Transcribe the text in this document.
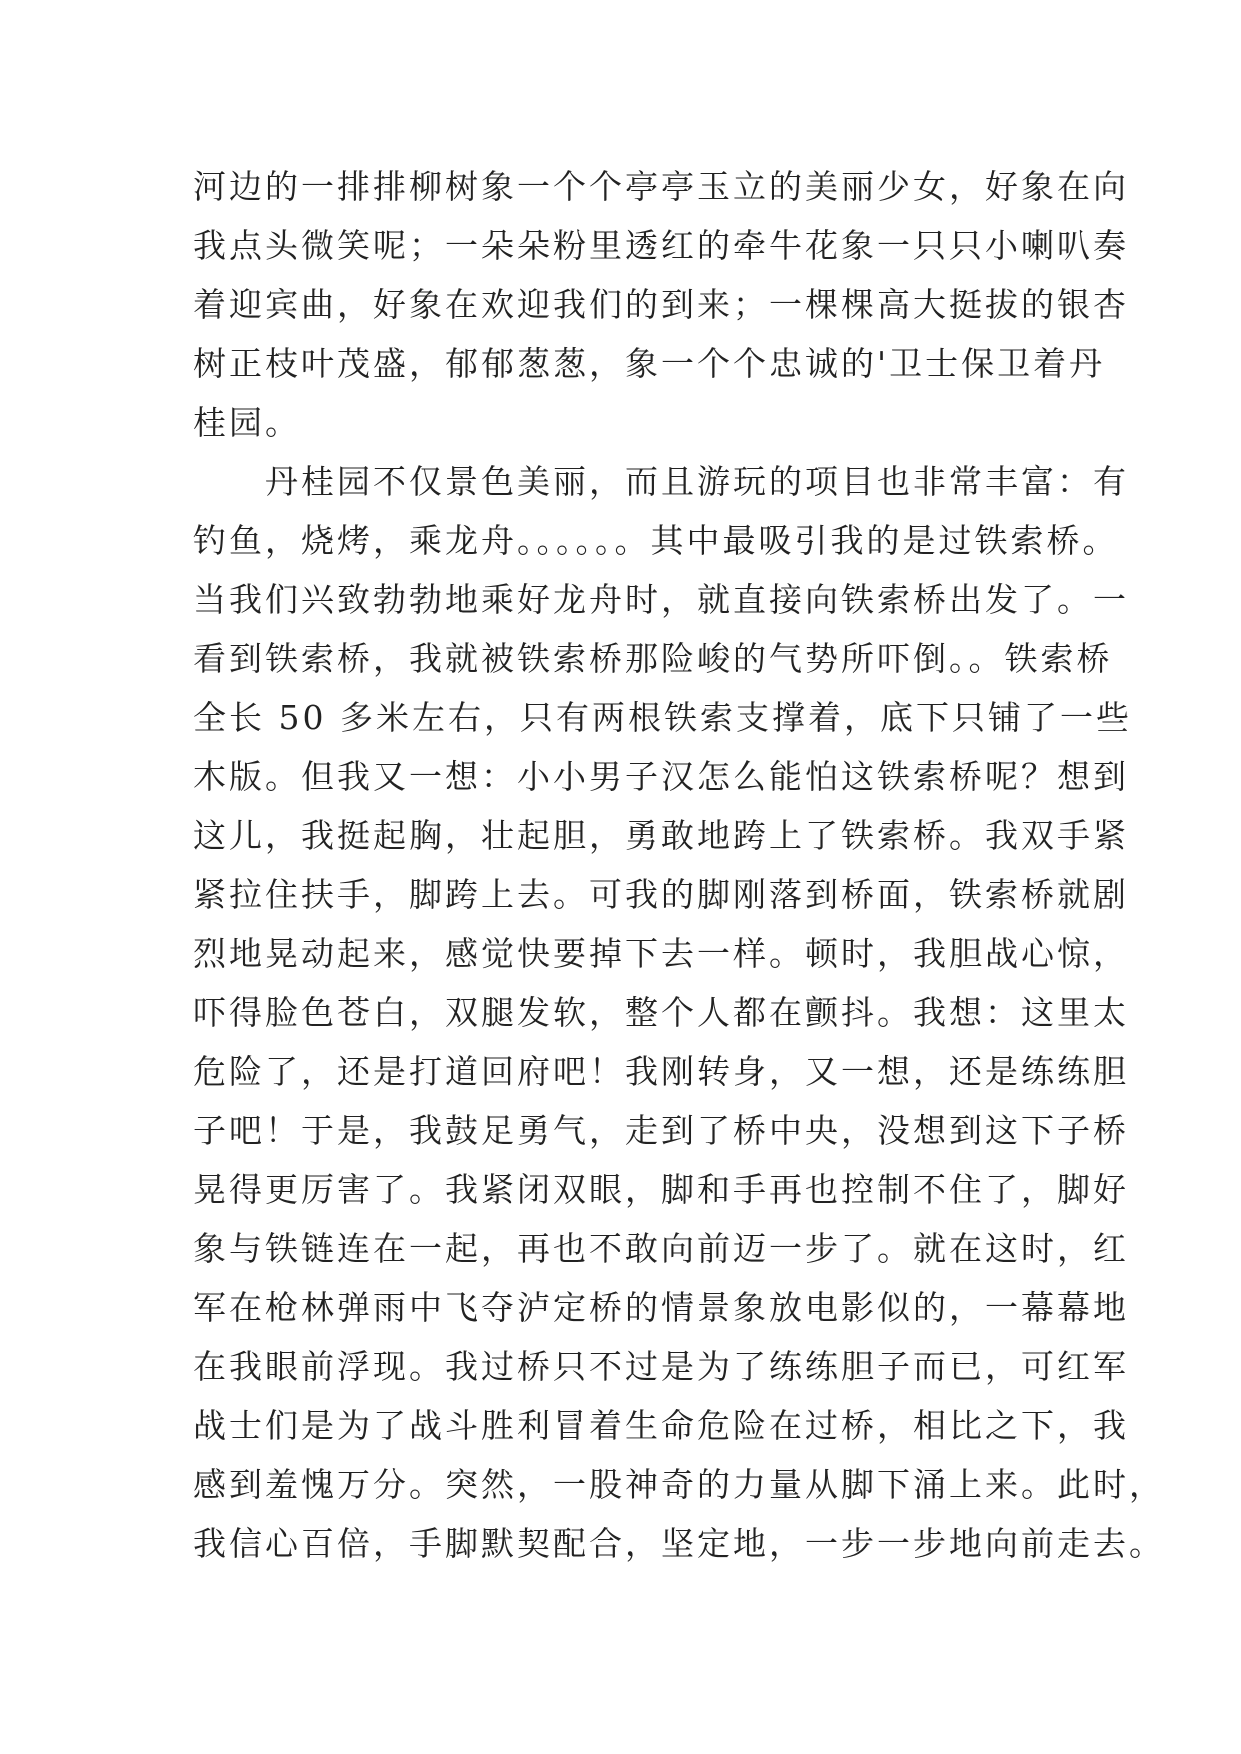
河边的一排排柳树象一个个亭亭玉立的美丽少女，好象在向
我点头微笑呢；一朵朵粉里透红的牵牛花象一只只小喇叭奏
着迎宾曲，好象在欢迎我们的到来；一棵棵高大挺拔的银杏
树正枝叶茂盛，郁郁葱葱，象一个个忠诚的'卫士保卫着丹
桂园。
　　丹桂园不仅景色美丽，而且游玩的项目也非常丰富：有
钓鱼，烧烤，乘龙舟。。。。。。其中最吸引我的是过铁索桥。
当我们兴致勃勃地乘好龙舟时，就直接向铁索桥出发了。一
看到铁索桥，我就被铁索桥那险峻的气势所吓倒。。铁索桥
全长 50 多米左右，只有两根铁索支撑着，底下只铺了一些
木版。但我又一想：小小男子汉怎么能怕这铁索桥呢？想到
这儿，我挺起胸，壮起胆，勇敢地跨上了铁索桥。我双手紧
紧拉住扶手，脚跨上去。可我的脚刚落到桥面，铁索桥就剧
烈地晃动起来，感觉快要掉下去一样。顿时，我胆战心惊，
吓得脸色苍白，双腿发软，整个人都在颤抖。我想：这里太
危险了，还是打道回府吧！我刚转身，又一想，还是练练胆
子吧！于是，我鼓足勇气，走到了桥中央，没想到这下子桥
晃得更厉害了。我紧闭双眼，脚和手再也控制不住了，脚好
象与铁链连在一起，再也不敢向前迈一步了。就在这时，红
军在枪林弹雨中飞夺泸定桥的情景象放电影似的，一幕幕地
在我眼前浮现。我过桥只不过是为了练练胆子而已，可红军
战士们是为了战斗胜利冒着生命危险在过桥，相比之下，我
感到羞愧万分。突然，一股神奇的力量从脚下涌上来。此时，
我信心百倍，手脚默契配合，坚定地，一步一步地向前走去。
